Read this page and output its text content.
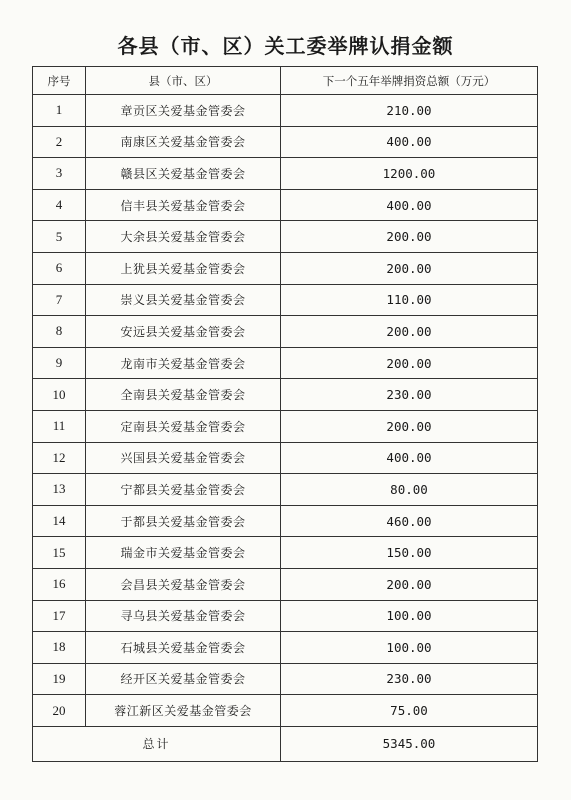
各县（市、区）关工委举牌认捐金额
序号	县（市、区）	下一个五年举牌捐资总额（万元）
1	章贡区关爱基金管委会	210.00
2	南康区关爱基金管委会	400.00
3	赣县区关爱基金管委会	1200.00
4	信丰县关爱基金管委会	400.00
5	大余县关爱基金管委会	200.00
6	上犹县关爱基金管委会	200.00
7	崇义县关爱基金管委会	110.00
8	安远县关爱基金管委会	200.00
9	龙南市关爱基金管委会	200.00
10	全南县关爱基金管委会	230.00
11	定南县关爱基金管委会	200.00
12	兴国县关爱基金管委会	400.00
13	宁都县关爱基金管委会	80.00
14	于都县关爱基金管委会	460.00
15	瑞金市关爱基金管委会	150.00
16	会昌县关爱基金管委会	200.00
17	寻乌县关爱基金管委会	100.00
18	石城县关爱基金管委会	100.00
19	经开区关爱基金管委会	230.00
20	蓉江新区关爱基金管委会	75.00
总计		5345.00
